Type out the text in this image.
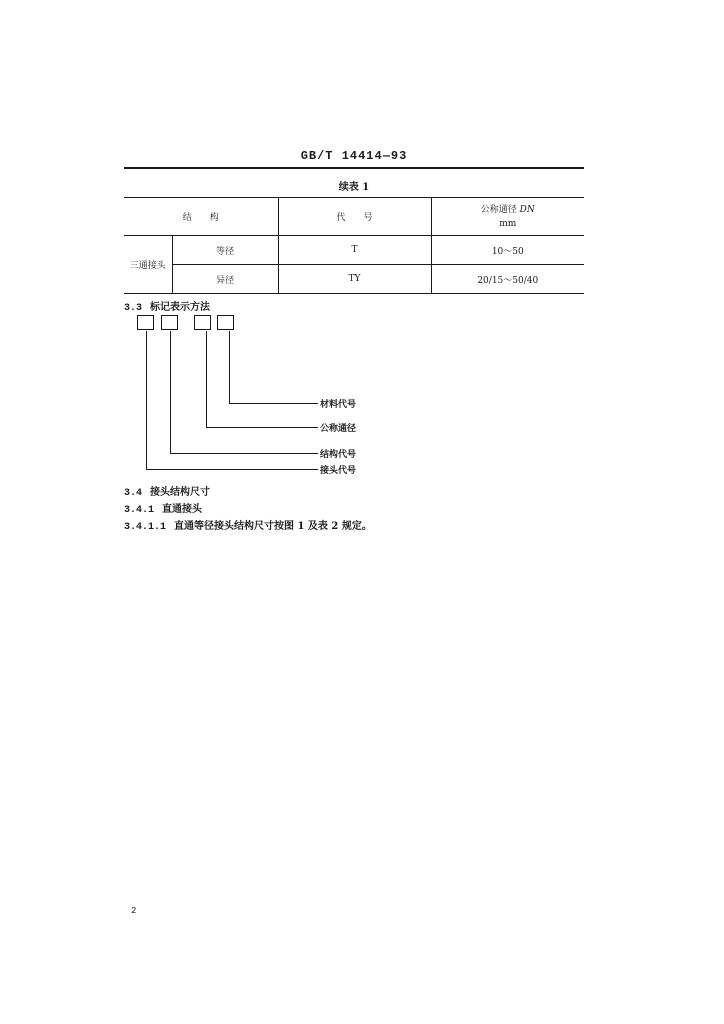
GB/T 14414—93
续表 1
结　　构		代　　号	公称通径 DN
mm
三通接头	等径	T	10～50
	异径	TY	20/15～50/40
3.3 标记表示方法
材料代号
公称通径
结构代号
接头代号
3.4 接头结构尺寸
3.4.1 直通接头
3.4.1.1 直通等径接头结构尺寸按图 1 及表 2 规定。
2
